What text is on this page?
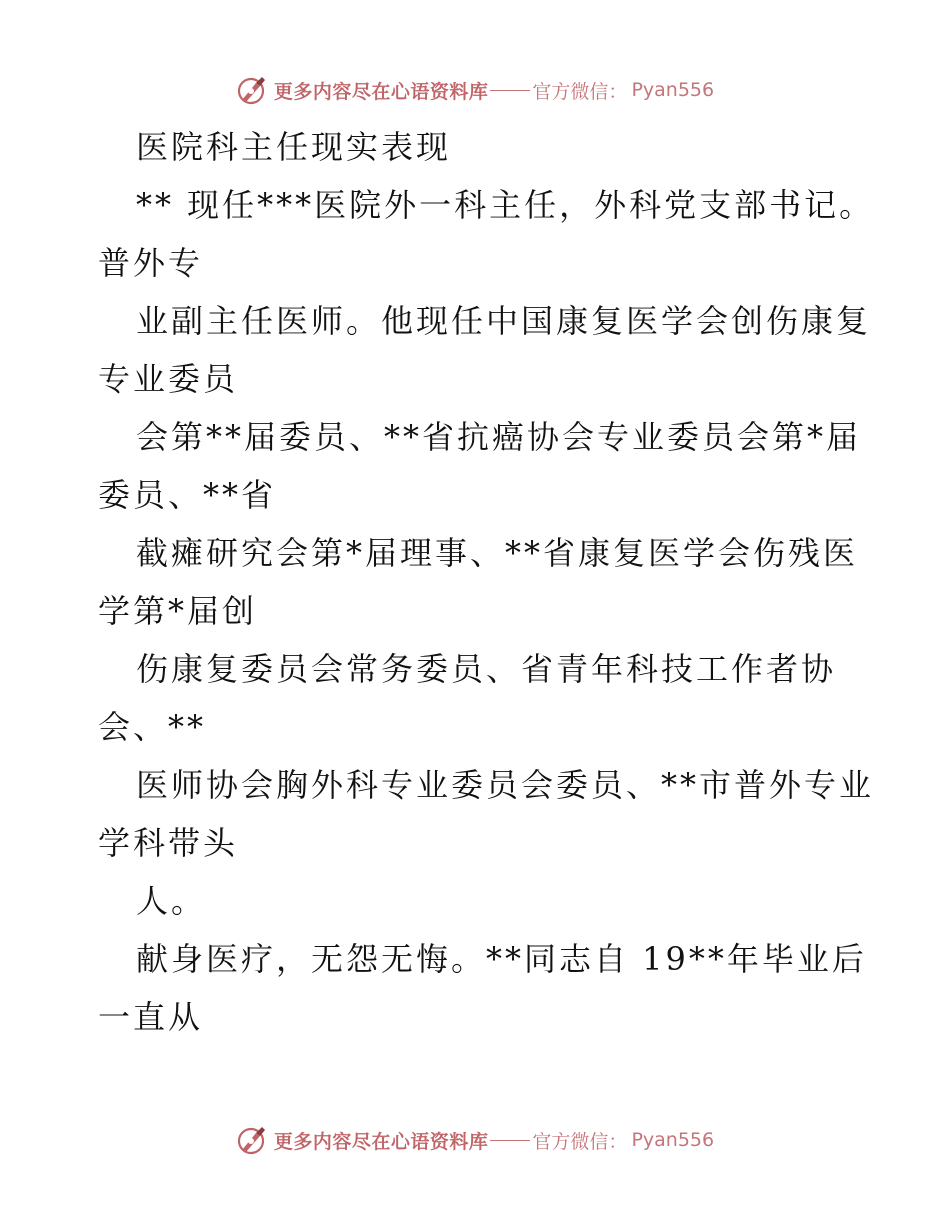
更多内容尽在心语资料库 官方微信： Pyan556
医院科主任现实表现
** 现任***医院外一科主任，外科党支部书记。
普外专
业副主任医师。他现任中国康复医学会创伤康复
专业委员
会第**届委员、**省抗癌协会专业委员会第*届
委员、**省
截瘫研究会第*届理事、**省康复医学会伤残医
学第*届创
伤康复委员会常务委员、省青年科技工作者协
会、**
医师协会胸外科专业委员会委员、**市普外专业
学科带头
人。
献身医疗，无怨无悔。**同志自 19**年毕业后
一直从
更多内容尽在心语资料库 官方微信： Pyan556
